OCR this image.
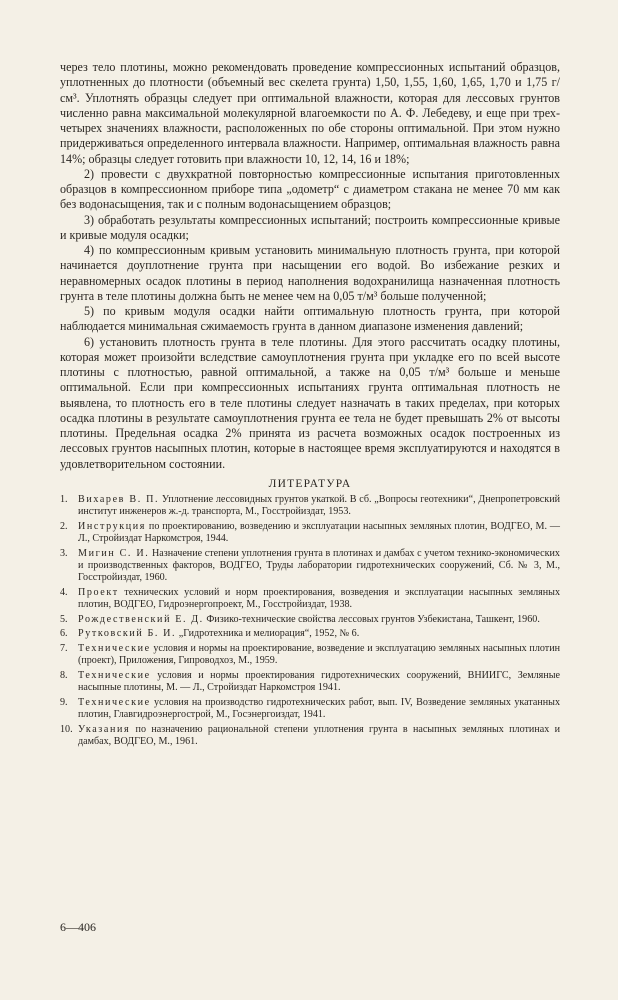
через тело плотины, можно рекомендовать проведение компрессионных испытаний образцов, уплотненных до плотности (объемный вес скелета грунта) 1,50, 1,55, 1,60, 1,65, 1,70 и 1,75 г/см³. Уплотнять образцы следует при оптимальной влажности, которая для лессовых грунтов численно равна максимальной молекулярной влагоемкости по А. Ф. Лебедеву, и еще при трех-четырех значениях влажности, расположенных по обе стороны оптимальной. При этом нужно придерживаться определенного интервала влажности. Например, оптимальная влажность равна 14%; образцы следует готовить при влажности 10, 12, 14, 16 и 18%;

2) провести с двухкратной повторностью компрессионные испытания приготовленных образцов в компрессионном приборе типа „одометр“ с диаметром стакана не менее 70 мм как без водонасыщения, так и с полным водонасыщением образцов;

3) обработать результаты компрессионных испытаний; построить компрессионные кривые и кривые модуля осадки;

4) по компрессионным кривым установить минимальную плотность грунта, при которой начинается доуплотнение грунта при насыщении его водой. Во избежание резких и неравномерных осадок плотины в период наполнения водохранилища назначенная плотность грунта в теле плотины должна быть не менее чем на 0,05 т/м³ больше полученной;

5) по кривым модуля осадки найти оптимальную плотность грунта, при которой наблюдается минимальная сжимаемость грунта в данном диапазоне изменения давлений;

6) установить плотность грунта в теле плотины. Для этого рассчитать осадку плотины, которая может произойти вследствие самоуплотнения грунта при укладке его по всей высоте плотины с плотностью, равной оптимальной, а также на 0,05 т/м³ больше и меньше оптимальной. Если при компрессионных испытаниях грунта оптимальная плотность не выявлена, то плотность его в теле плотины следует назначать в таких пределах, при которых осадка плотины в результате самоуплотнения грунта ее тела не будет превышать 2% от высоты плотины. Предельная осадка 2% принята из расчета возможных осадок построенных из лессовых грунтов насыпных плотин, которые в настоящее время эксплуатируются и находятся в удовлетворительном состоянии.

ЛИТЕРАТУРА
1. Вихарев В. П. Уплотнение лессовидных грунтов укаткой. В сб. „Вопросы геотехники“, Днепропетровский институт инженеров ж.-д. транспорта, М., Госстройиздат, 1953.
2. Инструкция по проектированию, возведению и эксплуатации насыпных земляных плотин, ВОДГЕО, М. — Л., Стройиздат Наркомстроя, 1944.
3. Мигин С. И. Назначение степени уплотнения грунта в плотинах и дамбах с учетом технико-экономических и производственных факторов, ВОДГЕО, Труды лаборатории гидротехнических сооружений, Сб. № 3, М., Госстройиздат, 1960.
4. Проект технических условий и норм проектирования, возведения и эксплуатации насыпных земляных плотин, ВОДГЕО, Гидроэнергопроект, М., Госстройиздат, 1938.
5. Рождественский Е. Д. Физико-технические свойства лессовых грунтов Узбекистана, Ташкент, 1960.
6. Рутковский Б. И. „Гидротехника и мелиорация“, 1952, № 6.
7. Технические условия и нормы на проектирование, возведение и эксплуатацию земляных насыпных плотин (проект), Приложения, Гипроводхоз, М., 1959.
8. Технические условия и нормы проектирования гидротехнических сооружений, ВНИИГС, Земляные насыпные плотины, М. — Л., Стройиздат Наркомстроя 1941.
9. Технические условия на производство гидротехнических работ, вып. IV, Возведение земляных укатанных плотин, Главгидроэнергострой, М., Госэнергоиздат, 1941.
10. Указания по назначению рациональной степени уплотнения грунта в насыпных земляных плотинах и дамбах, ВОДГЕО, М., 1961.
6—406
